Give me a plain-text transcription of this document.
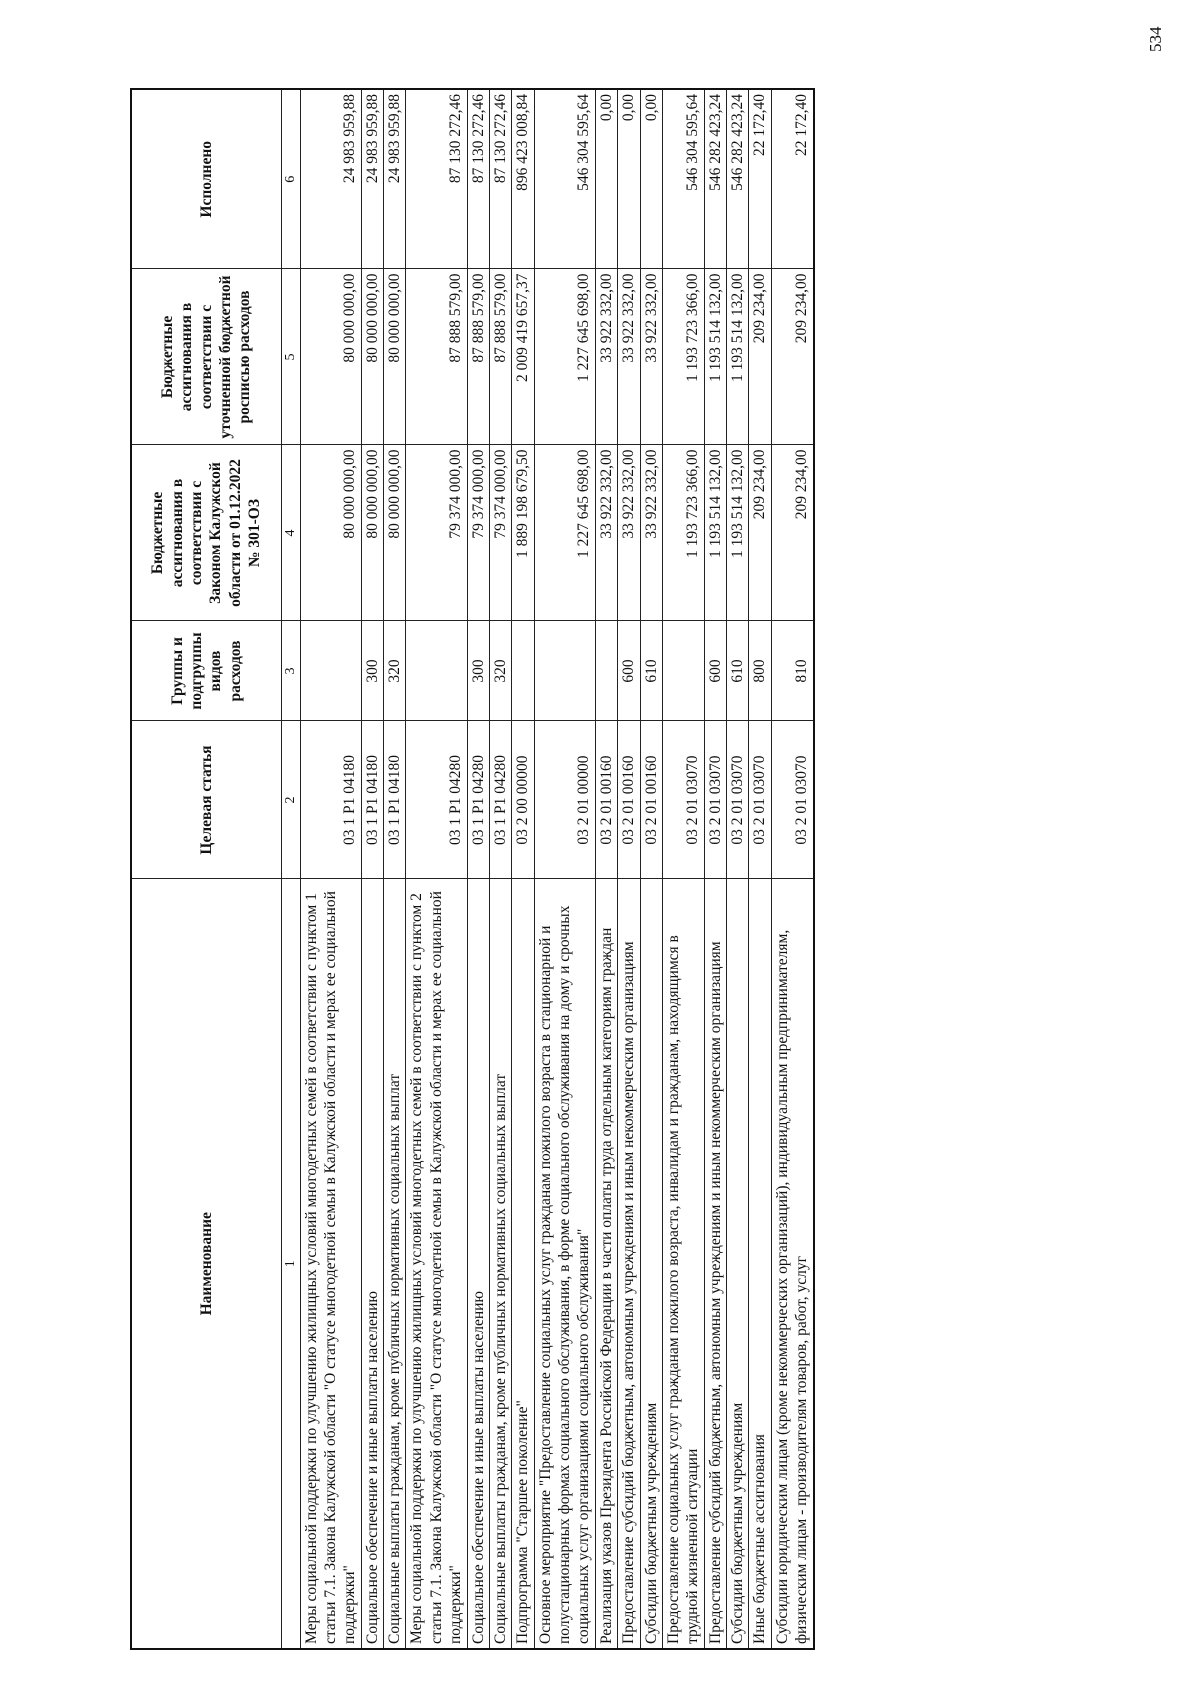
534
Наименование	Целевая статья	Группы и подгруппы видов расходов	Бюджетные ассигнования в соответствии с Законом Калужской области от 01.12.2022 № 301-ОЗ	Бюджетные ассигнования в соответствии с уточненной бюджетной росписью расходов	Исполнено
1	2	3	4	5	6
Меры социальной поддержки по улучшению жилищных условий многодетных семей в соответствии с пунктом 1 статьи 7.1. Закона Калужской области "О статусе многодетной семьи в Калужской области и мерах ее социальной поддержки"	03 1 P1 04180		80 000 000,00	80 000 000,00	24 983 959,88
Социальное обеспечение и иные выплаты населению	03 1 P1 04180	300	80 000 000,00	80 000 000,00	24 983 959,88
Социальные выплаты гражданам, кроме публичных нормативных социальных выплат	03 1 P1 04180	320	80 000 000,00	80 000 000,00	24 983 959,88
Меры социальной поддержки по улучшению жилищных условий многодетных семей в соответствии с пунктом 2 статьи 7.1. Закона Калужской области "О статусе многодетной семьи в Калужской области и мерах ее социальной поддержки"	03 1 P1 04280		79 374 000,00	87 888 579,00	87 130 272,46
Социальное обеспечение и иные выплаты населению	03 1 P1 04280	300	79 374 000,00	87 888 579,00	87 130 272,46
Социальные выплаты гражданам, кроме публичных нормативных социальных выплат	03 1 P1 04280	320	79 374 000,00	87 888 579,00	87 130 272,46
Подпрограмма "Старшее поколение"	03 2 00 00000		1 889 198 679,50	2 009 419 657,37	896 423 008,84
Основное мероприятие "Предоставление социальных услуг гражданам пожилого возраста в стационарной и полустационарных формах социального обслуживания, в форме социального обслуживания на дому и срочных социальных услуг организациями социального обслуживания"	03 2 01 00000		1 227 645 698,00	1 227 645 698,00	546 304 595,64
Реализация указов Президента Российской Федерации в части оплаты труда отдельным категориям граждан	03 2 01 00160		33 922 332,00	33 922 332,00	0,00
Предоставление субсидий бюджетным, автономным учреждениям и иным некоммерческим организациям	03 2 01 00160	600	33 922 332,00	33 922 332,00	0,00
Субсидии бюджетным учреждениям	03 2 01 00160	610	33 922 332,00	33 922 332,00	0,00
Предоставление социальных услуг гражданам пожилого возраста, инвалидам и гражданам, находящимся в трудной жизненной ситуации	03 2 01 03070		1 193 723 366,00	1 193 723 366,00	546 304 595,64
Предоставление субсидий бюджетным, автономным учреждениям и иным некоммерческим организациям	03 2 01 03070	600	1 193 514 132,00	1 193 514 132,00	546 282 423,24
Субсидии бюджетным учреждениям	03 2 01 03070	610	1 193 514 132,00	1 193 514 132,00	546 282 423,24
Иные бюджетные ассигнования	03 2 01 03070	800	209 234,00	209 234,00	22 172,40
Субсидии юридическим лицам (кроме некоммерческих организаций), индивидуальным предпринимателям, физическим лицам - производителям товаров, работ, услуг	03 2 01 03070	810	209 234,00	209 234,00	22 172,40
